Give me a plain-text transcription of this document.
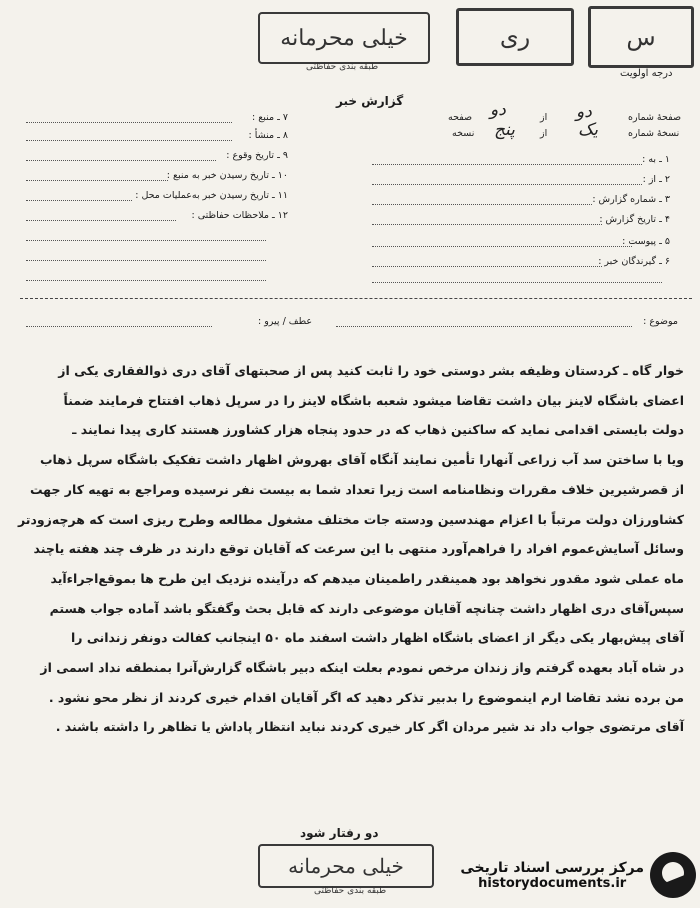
خیلی محرمانه
طبقه بندی حفاظتی
ری	س
درجه اولویت
گزارش خبر
صفحهٔ شماره
دو
از
دو
صفحه
نسخهٔ شماره
یک
از
پنج
نسخه
۱ ـ به :
۲ ـ از :
۳ ـ شماره گزارش :
۴ ـ تاریخ گزارش :
۵ ـ پیوست :
۶ ـ گیرندگان خبر :
۷ ـ منبع :
۸ ـ منشأ :
۹ ـ تاریخ وقوع :
۱۰ ـ تاریخ رسیدن خبر به منبع :
۱۱ ـ تاریخ رسیدن خبر به‌عملیات محل :
۱۲ ـ ملاحظات حفاظتی :
موضوع :
عطف / پیرو :

خوار گاه ـ کردستان وظیفه بشر دوستی خود را ثابت کنید پس از صحبتهای آقای دری ذوالفقاری یکی از

اعضای باشگاه لاینز بیان داشت تقاضا میشود شعبه باشگاه لاینز را در سرپل ذهاب افتتاح فرمایند ضمناً

دولت بایستی اقدامی نماید که ساکنین ذهاب که در حدود پنجاه هزار کشاورز هستند کاری پیدا نمایند ـ

ویا با ساختن سد آب زراعی آنهارا تأمین نمایند آنگاه آقای بهروش اظهار داشت تفکیک باشگاه سرپل ذهاب

از قصرشیرین خلاف مقررات ونظامنامه است زیرا تعداد شما به بیست نفر نرسیده ومراجع به تهیه کار جهت

کشاورزان دولت مرتباً با اعزام مهندسین ودسته جات مختلف مشغول مطالعه وطرح ریزی است که هرچه‌زودتر

وسائل آسایش‌عموم افراد را فراهم‌آورد منتهی با این سرعت که آقایان توقع دارند در ظرف چند هفته یاچند

ماه عملی شود مقدور نخواهد بود همینقدر راطمینان میدهم که درآینده نزدیک این طرح ها بموقع‌اجراءآید

سپس‌آقای دری اظهار داشت چنانچه آقایان موضوعی دارند که قابل بحث وگفتگو باشد آماده جواب هستم

آقای پیش‌بهار یکی دیگر از اعضای باشگاه اظهار داشت اسفند ماه ۵۰ اینجانب کفالت دونفر زندانی را

در شاه آباد بعهده گرفتم واز زندان مرخص نمودم بعلت اینکه دبیر باشگاه گزارش‌آنرا بمنطقه نداد اسمی از

من برده نشد تقاضا ارم اینموضوع را بدبیر تذکر دهید که اگر آقایان اقدام خیری کردند از نظر محو نشود .

آقای مرتضوی جواب داد ند شیر مردان اگر کار خیری کردند نباید انتظار پاداش یا تظاهر را داشته باشند .

دو رفتار شود
خیلی محرمانه
طبقه بندی حفاظتی
مرکز بررسی اسناد تاریخی
historydocuments.ir
